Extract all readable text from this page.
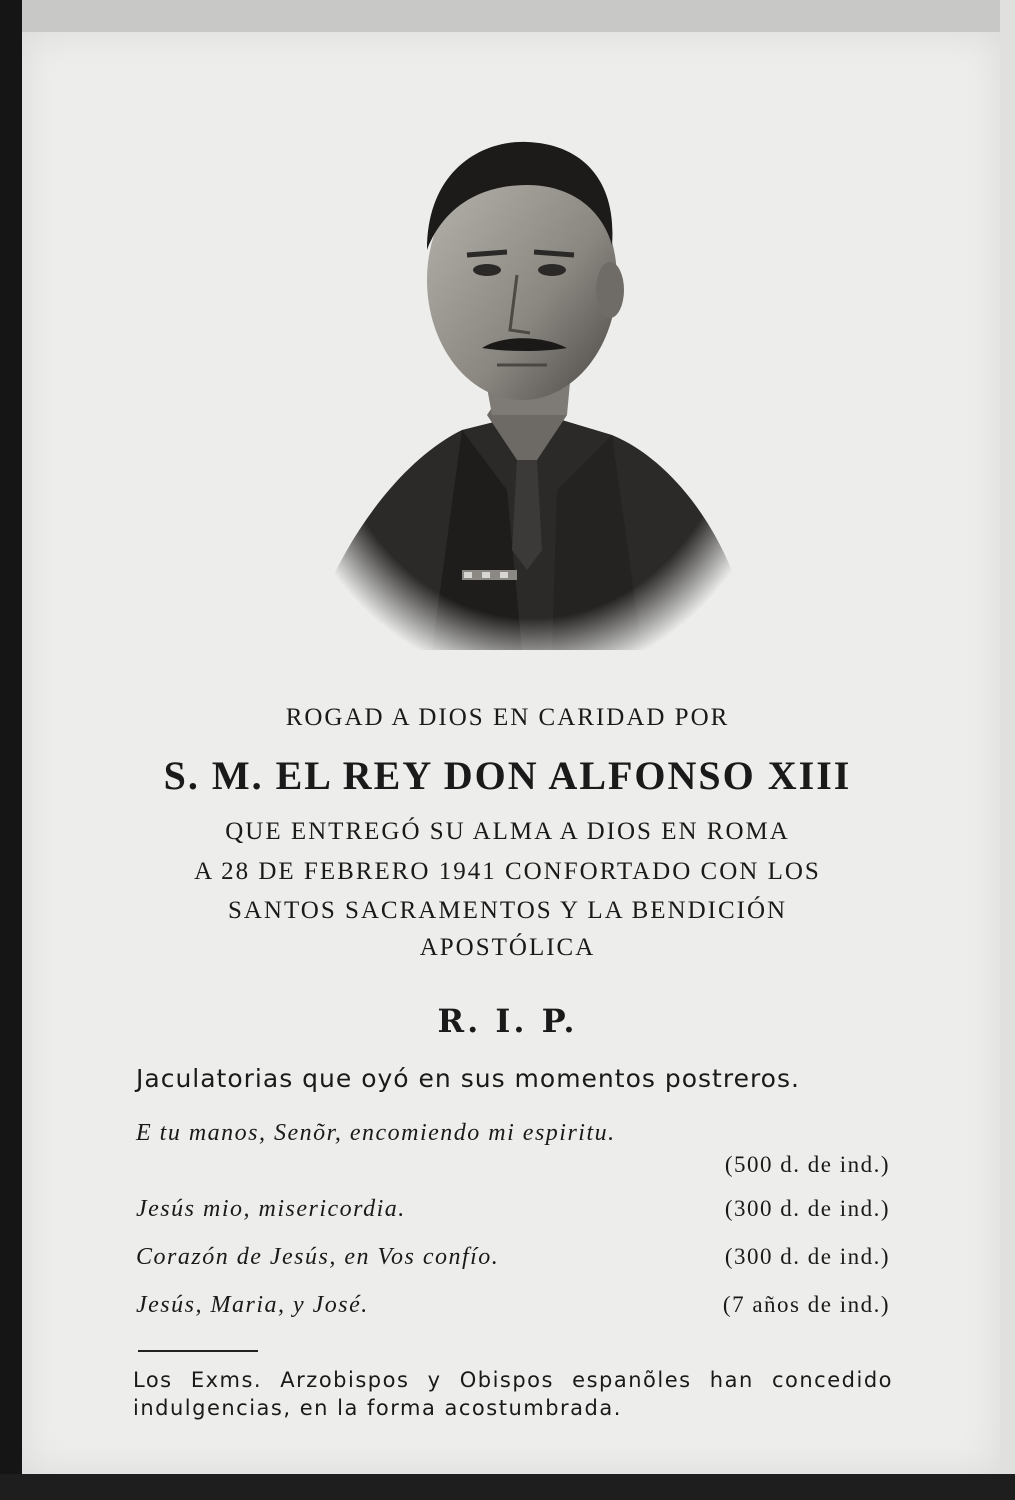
ROGAD A DIOS EN CARIDAD POR
S. M. EL REY DON ALFONSO XIII
QUE ENTREGÓ SU ALMA A DIOS EN ROMA
A 28 DE FEBRERO 1941 CONFORTADO CON LOS
SANTOS SACRAMENTOS Y LA BENDICIÓN
APOSTÓLICA
R. I. P.
Jaculatorias que oyó en sus momentos postreros.
E tu manos, Senõr, encomiendo mi espiritu.
(500 d. de ind.)
Jesús mio, misericordia.	(300 d. de ind.)
Corazón de Jesús, en Vos confío.	(300 d. de ind.)
Jesús, Maria, y José.	(7 años de ind.)
Los Exms. Arzobispos y Obispos espanõles han concedido indulgencias, en la forma acostumbrada.
